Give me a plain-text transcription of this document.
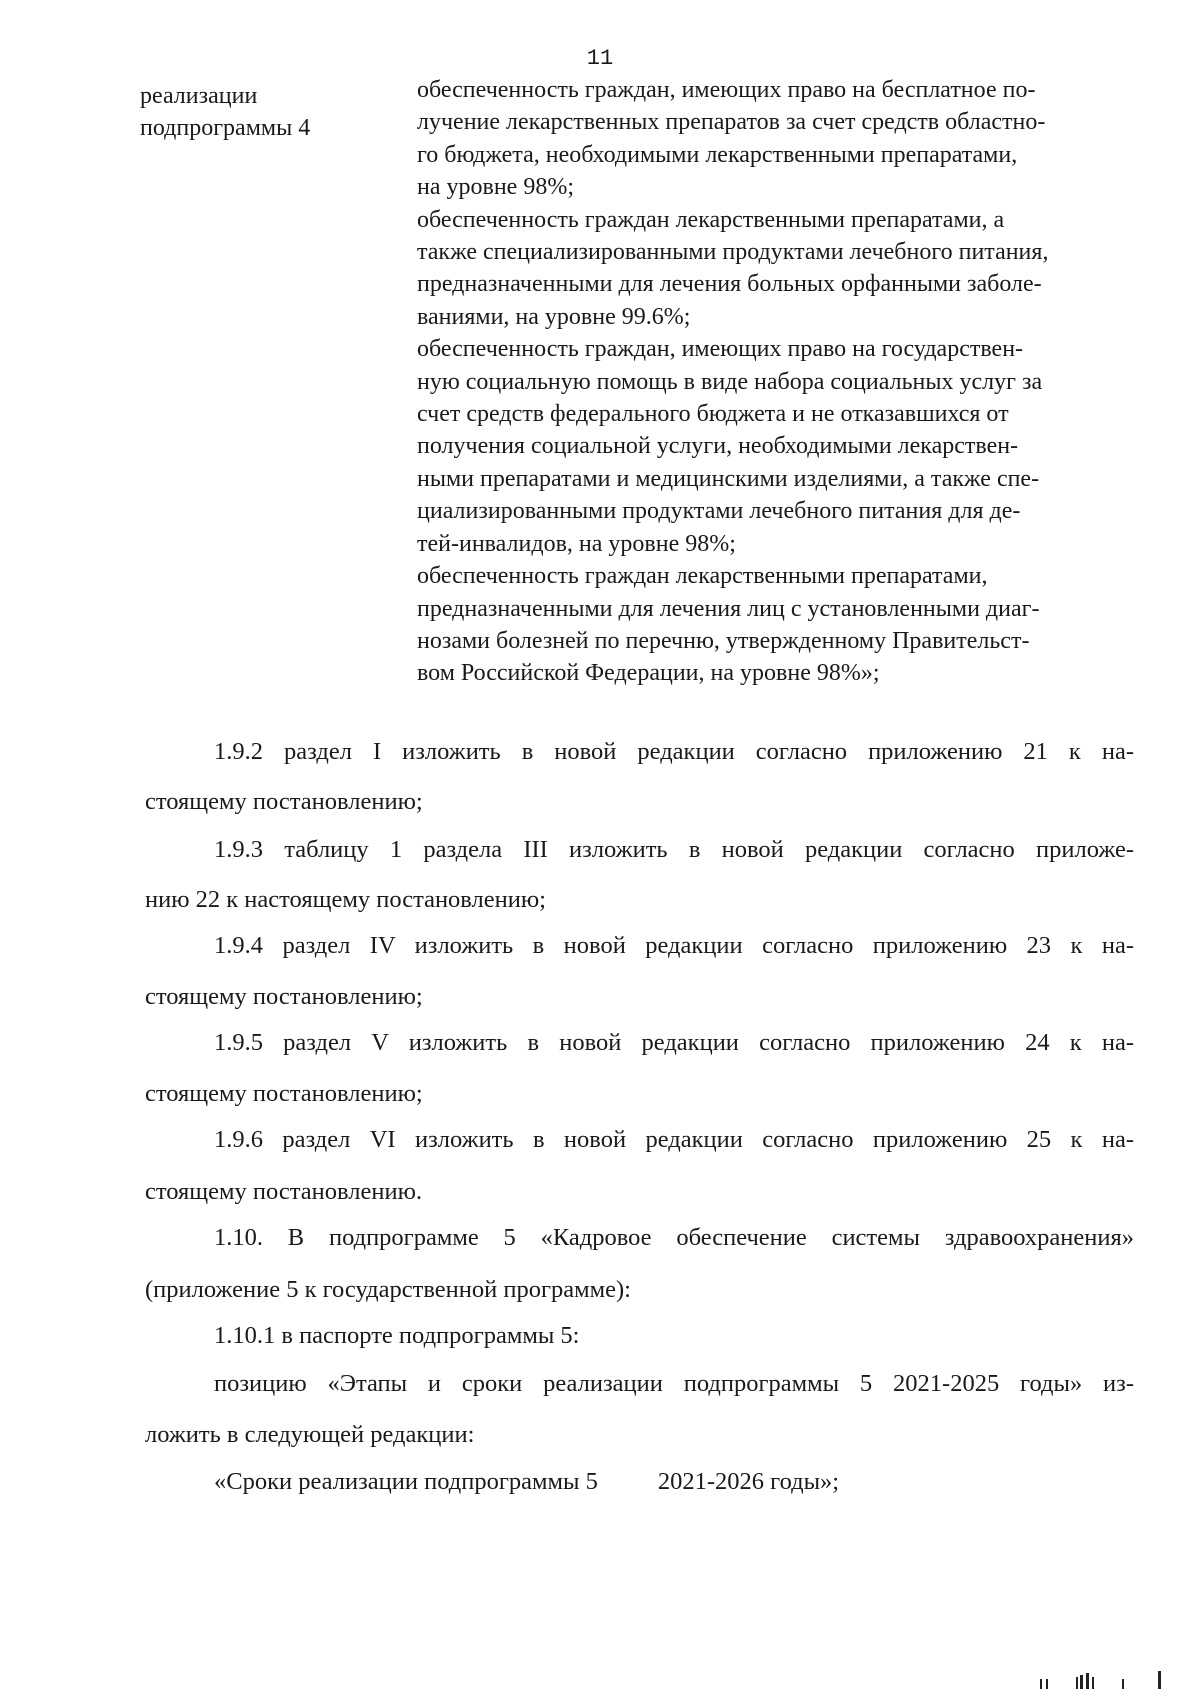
11
реализации
подпрограммы 4
обеспеченность граждан, имеющих право на бесплатное по-
лучение лекарственных препаратов за счет средств областно-
го бюджета, необходимыми лекарственными препаратами,
на уровне 98%;
обеспеченность граждан лекарственными препаратами, а
также специализированными продуктами лечебного питания,
предназначенными для лечения больных орфанными заболе-
ваниями, на уровне 99.6%;
обеспеченность граждан, имеющих право на государствен-
ную социальную помощь в виде набора социальных услуг за
счет средств федерального бюджета и не отказавшихся от
получения социальной услуги, необходимыми лекарствен-
ными препаратами и медицинскими изделиями, а также спе-
циализированными продуктами лечебного питания для де-
тей-инвалидов, на уровне 98%;
обеспеченность граждан лекарственными препаратами,
предназначенными для лечения лиц с установленными диаг-
нозами болезней по перечню, утвержденному Правительст-
вом Российской Федерации, на уровне 98%»;
1.9.2 раздел I изложить в новой редакции согласно приложению 21 к на-
стоящему постановлению;
1.9.3 таблицу 1 раздела III изложить в новой редакции согласно приложе-
нию 22 к настоящему постановлению;
1.9.4 раздел IV изложить в новой редакции согласно приложению 23 к на-
стоящему постановлению;
1.9.5 раздел V изложить в новой редакции согласно приложению 24 к на-
стоящему постановлению;
1.9.6 раздел VI изложить в новой редакции согласно приложению 25 к на-
стоящему постановлению.
1.10. В подпрограмме 5 «Кадровое обеспечение системы здравоохранения»
(приложение 5 к государственной программе):
1.10.1 в паспорте подпрограммы 5:
позицию «Этапы и сроки реализации подпрограммы 5 2021-2025 годы» из-
ложить в следующей редакции:
«Сроки реализации подпрограммы 5 2021-2026 годы»;
